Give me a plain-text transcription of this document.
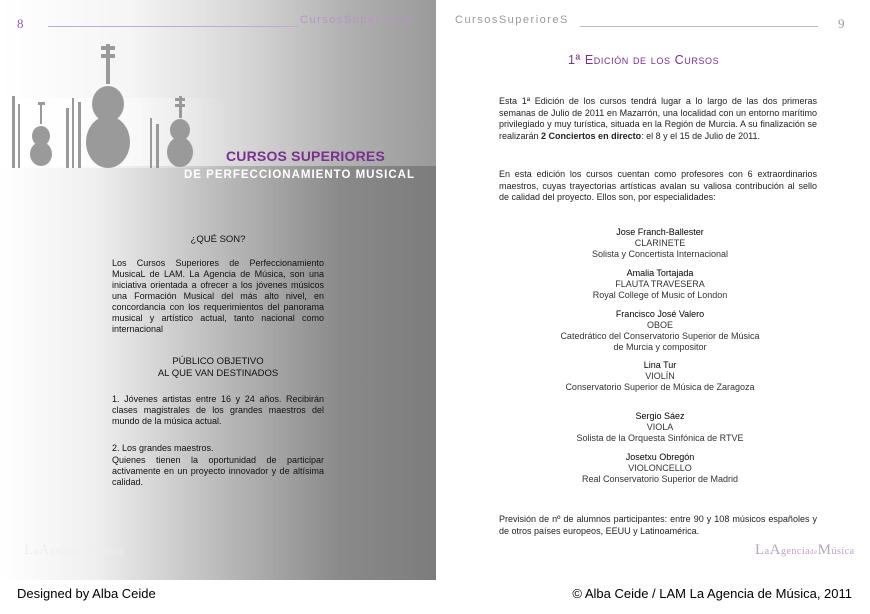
8	CursosSuperioreS
CURSOS SUPERIORES
DE PERFECCIONAMIENTO MUSICAL
¿QUÉ SON?
Los Cursos Superiores de Perfeccionamiento MusicaL de LAM. La Agencia de Música, son una iniciativa orientada a ofrecer a los jóvenes músicos una Formación Musical del más alto nivel, en concordancia con los requerimientos del panorama musical y artístico actual, tanto nacional como internacional
PÚBLICO OBJETIVO
AL QUE VAN DESTINADOS
1. Jóvenes artistas entre 16 y 24 años. Recibirán clases magistrales de los grandes maestros del mundo de la música actual.
2. Los grandes maestros.
Quienes tienen la oportunidad de participar activamente en un proyecto innovador y de altísima calidad.
LaAgenciadeMúsica
CursosSuperioreS	9
1ª Edición de los Cursos
Esta 1ª Edición de los cursos tendrá lugar a lo largo de las dos primeras semanas de Julio de 2011 en Mazarrón, una localidad con un entorno marítimo privilegiado y muy turística, situada en la Región de Murcia. A su finalización se realizarán 2 Conciertos en directo: el 8 y el 15 de Julio de 2011.
En esta edición los cursos cuentan como profesores con 6 extraordinarios maestros, cuyas trayectorias artísticas avalan su valiosa contribución al sello de calidad del proyecto. Ellos son, por especialidades:
Jose Franch-Ballester
CLARINETE
Solista y Concertista Internacional
Amalia Tortajada
FLAUTA TRAVESERA
Royal College of Music of London
Francisco José Valero
OBOE
Catedrático del Conservatorio Superior de Música de Murcia y compositor
Lina Tur
VIOLÍN
Conservatorio Superior de Música de Zaragoza
Sergio Sáez
VIOLA
Solista de la Orquesta Sinfónica de RTVE
Josetxu Obregón
VIOLONCELLO
Real Conservatorio Superior de Madrid
Previsión de nº de alumnos participantes: entre 90 y 108 músicos españoles y de otros países europeos, EEUU y Latinoamérica.
LaAgenciadeMúsica
Designed by Alba Ceide	© Alba Ceide / LAM La Agencia de Música, 2011
